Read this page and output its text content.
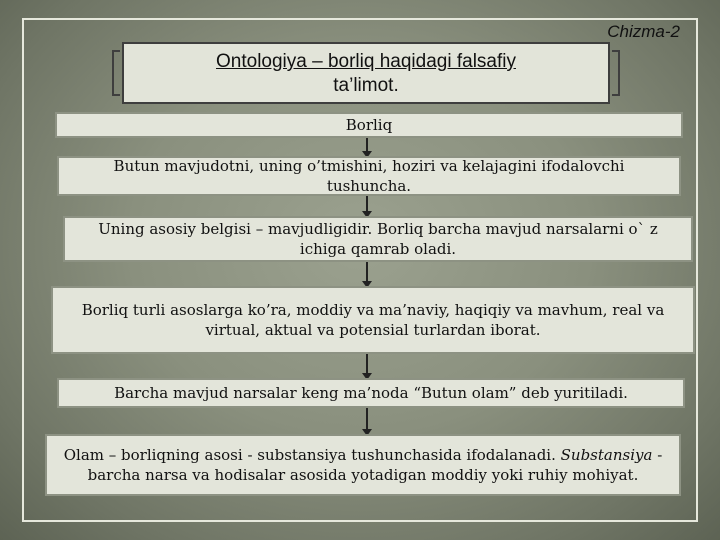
Chizma-2
Ontologiya – borliq haqidagi falsafiy
ta’limot.
Borliq
Butun mavjudotni, uning o’tmishini, hoziri va kelajagini ifodalovchi tushuncha.
Uning asosiy belgisi – mavjudligidir. Borliq barcha mavjud narsalarni o` z ichiga qamrab oladi.
Borliq turli asoslarga ko’ra, moddiy va ma’naviy, haqiqiy va mavhum, real va virtual, aktual va potensial turlardan iborat.
Barcha mavjud narsalar keng ma’noda “Butun olam” deb yuritiladi.
Olam – borliqning asosi - substansiya tushunchasida ifodalanadi. Substansiya - barcha narsa va hodisalar asosida yotadigan moddiy yoki ruhiy mohiyat.
